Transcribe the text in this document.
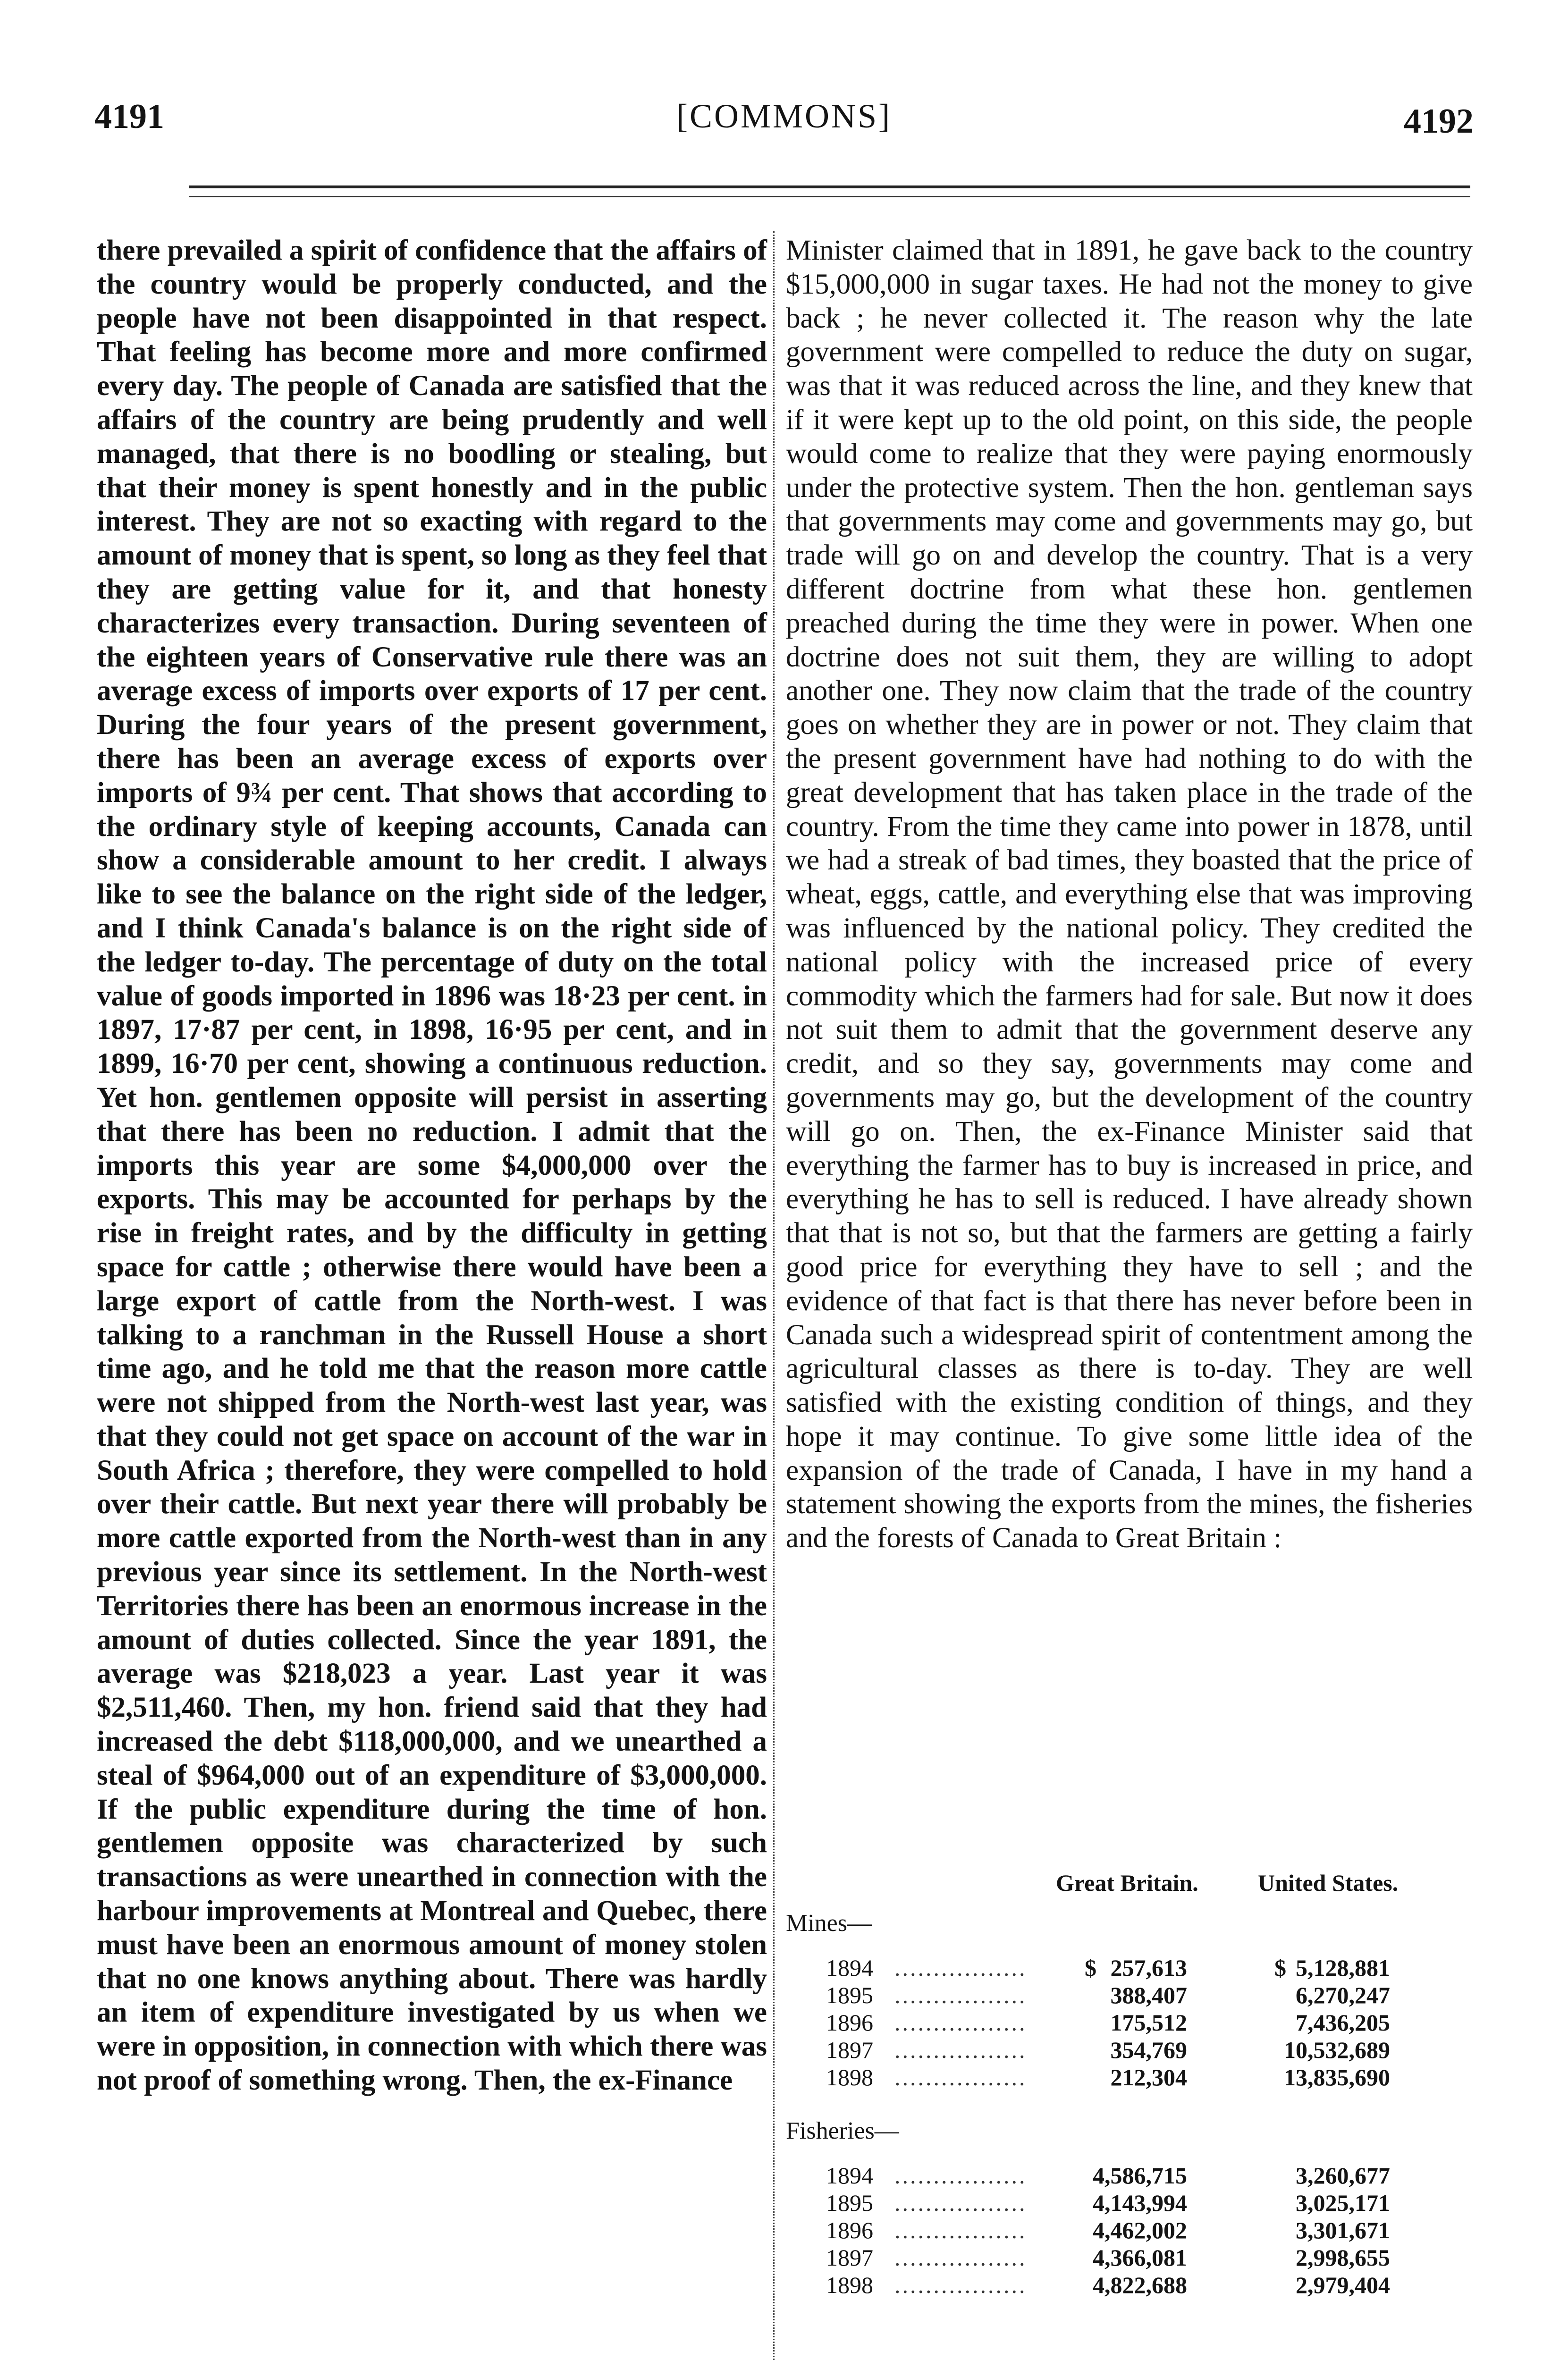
4191	[COMMONS]	4192

there prevailed a spirit of confidence that the affairs of the country would be properly conducted, and the people have not been disappointed in that respect. That feeling has become more and more confirmed every day. The people of Canada are satisfied that the affairs of the country are being prudently and well managed, that there is no boodling or stealing, but that their money is spent honestly and in the public interest. They are not so exacting with regard to the amount of money that is spent, so long as they feel that they are getting value for it, and that honesty characterizes every transaction. During seventeen of the eighteen years of Conservative rule there was an average excess of imports over exports of 17 per cent. During the four years of the present government, there has been an average excess of exports over imports of 9¾ per cent. That shows that according to the ordinary style of keeping accounts, Canada can show a considerable amount to her credit. I always like to see the balance on the right side of the ledger, and I think Canada's balance is on the right side of the ledger to-day. The percentage of duty on the total value of goods imported in 1896 was 18·23 per cent. in 1897, 17·87 per cent, in 1898, 16·95 per cent, and in 1899, 16·70 per cent, showing a continuous reduction. Yet hon. gentlemen opposite will persist in asserting that there has been no reduction. I admit that the imports this year are some $4,000,000 over the exports. This may be accounted for perhaps by the rise in freight rates, and by the difficulty in getting space for cattle ; otherwise there would have been a large export of cattle from the North-west. I was talking to a ranchman in the Russell House a short time ago, and he told me that the reason more cattle were not shipped from the North-west last year, was that they could not get space on account of the war in South Africa ; therefore, they were compelled to hold over their cattle. But next year there will probably be more cattle exported from the North-west than in any previous year since its settlement. In the North-west Territories there has been an enormous increase in the amount of duties collected. Since the year 1891, the average was $218,023 a year. Last year it was $2,511,460. Then, my hon. friend said that they had increased the debt $118,000,000, and we unearthed a steal of $964,000 out of an expenditure of $3,000,000. If the public expenditure during the time of hon. gentlemen opposite was characterized by such transactions as were unearthed in connection with the harbour improvements at Montreal and Quebec, there must have been an enormous amount of money stolen that no one knows anything about. There was hardly an item of expenditure investigated by us when we were in opposition, in connection with which there was not proof of something wrong. Then, the ex-Finance

Minister claimed that in 1891, he gave back to the country $15,000,000 in sugar taxes. He had not the money to give back ; he never collected it. The reason why the late government were compelled to reduce the duty on sugar, was that it was reduced across the line, and they knew that if it were kept up to the old point, on this side, the people would come to realize that they were paying enormously under the protective system. Then the hon. gentleman says that governments may come and governments may go, but trade will go on and develop the country. That is a very different doctrine from what these hon. gentlemen preached during the time they were in power. When one doctrine does not suit them, they are willing to adopt another one. They now claim that the trade of the country goes on whether they are in power or not. They claim that the present government have had nothing to do with the great development that has taken place in the trade of the country. From the time they came into power in 1878, until we had a streak of bad times, they boasted that the price of wheat, eggs, cattle, and everything else that was improving was influenced by the national policy. They credited the national policy with the increased price of every commodity which the farmers had for sale. But now it does not suit them to admit that the government deserve any credit, and so they say, governments may come and governments may go, but the development of the country will go on. Then, the ex-Finance Minister said that everything the farmer has to buy is increased in price, and everything he has to sell is reduced. I have already shown that that is not so, but that the farmers are getting a fairly good price for everything they have to sell ; and the evidence of that fact is that there has never before been in Canada such a widespread spirit of contentment among the agricultural classes as there is to-day. They are well satisfied with the existing condition of things, and they hope it may continue. To give some little idea of the expansion of the trade of Canada, I have in my hand a statement showing the exports from the mines, the fisheries and the forests of Canada to Great Britain :

Great Britain.	United States.
Mines—
1894 .................	$ 257,613	$ 5,128,881
1895 .................	388,407	6,270,247
1896 .................	175,512	7,436,205
1897 .................	354,769	10,532,689
1898 .................	212,304	13,835,690
Fisheries—
1894 .................	4,586,715	3,260,677
1895 .................	4,143,994	3,025,171
1896 .................	4,462,002	3,301,671
1897 .................	4,366,081	2,998,655
1898 .................	4,822,688	2,979,404
